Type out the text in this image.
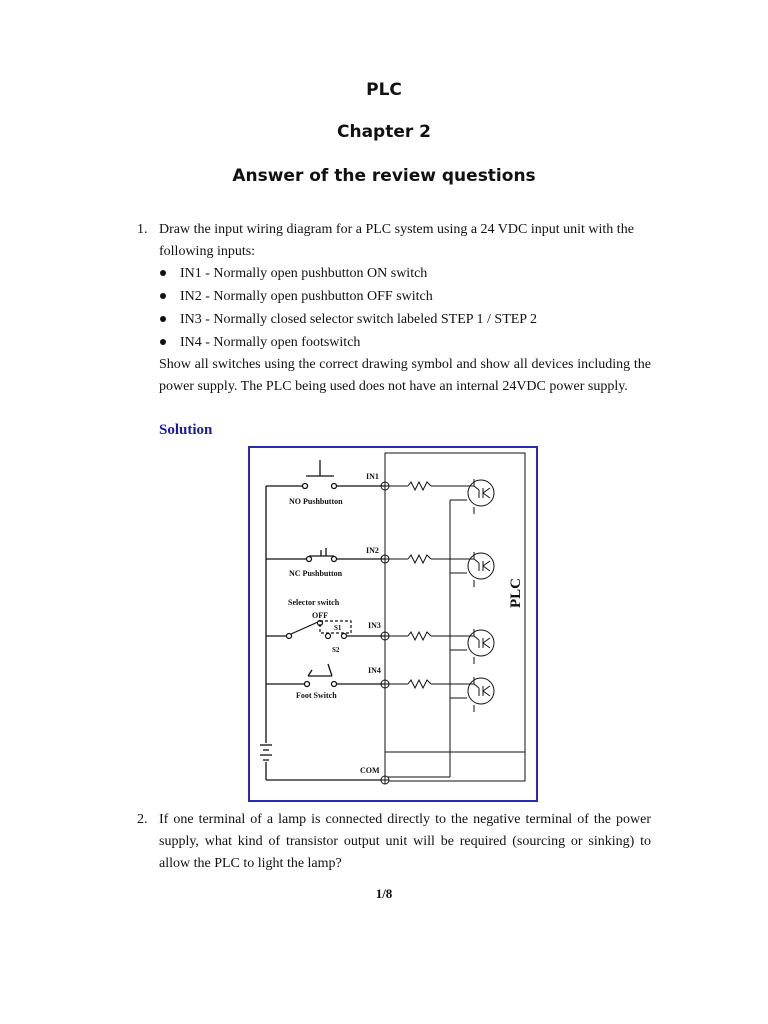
PLC
Chapter 2
Answer of the review questions
1. Draw the input wiring diagram for a PLC system using a 24 VDC input unit with the

following inputs:

IN1 - Normally open pushbutton ON switch
IN2 - Normally open pushbutton OFF switch
IN3 - Normally closed selector switch labeled STEP 1 / STEP 2
IN4 - Normally open footswitch

Show all switches using the correct drawing symbol and show all devices including the power supply. The PLC being used does not have an internal 24VDC power supply.

Solution
IN1
NO Pushbutton
IN2
NC Pushbutton
Selector switch
OFF
S1
S2
IN3
IN4
Foot Switch
COM
PLC
2. If one terminal of a lamp is connected directly to the negative terminal of the power supply, what kind of transistor output unit will be required (sourcing or sinking) to allow the PLC to light the lamp?

1/8
